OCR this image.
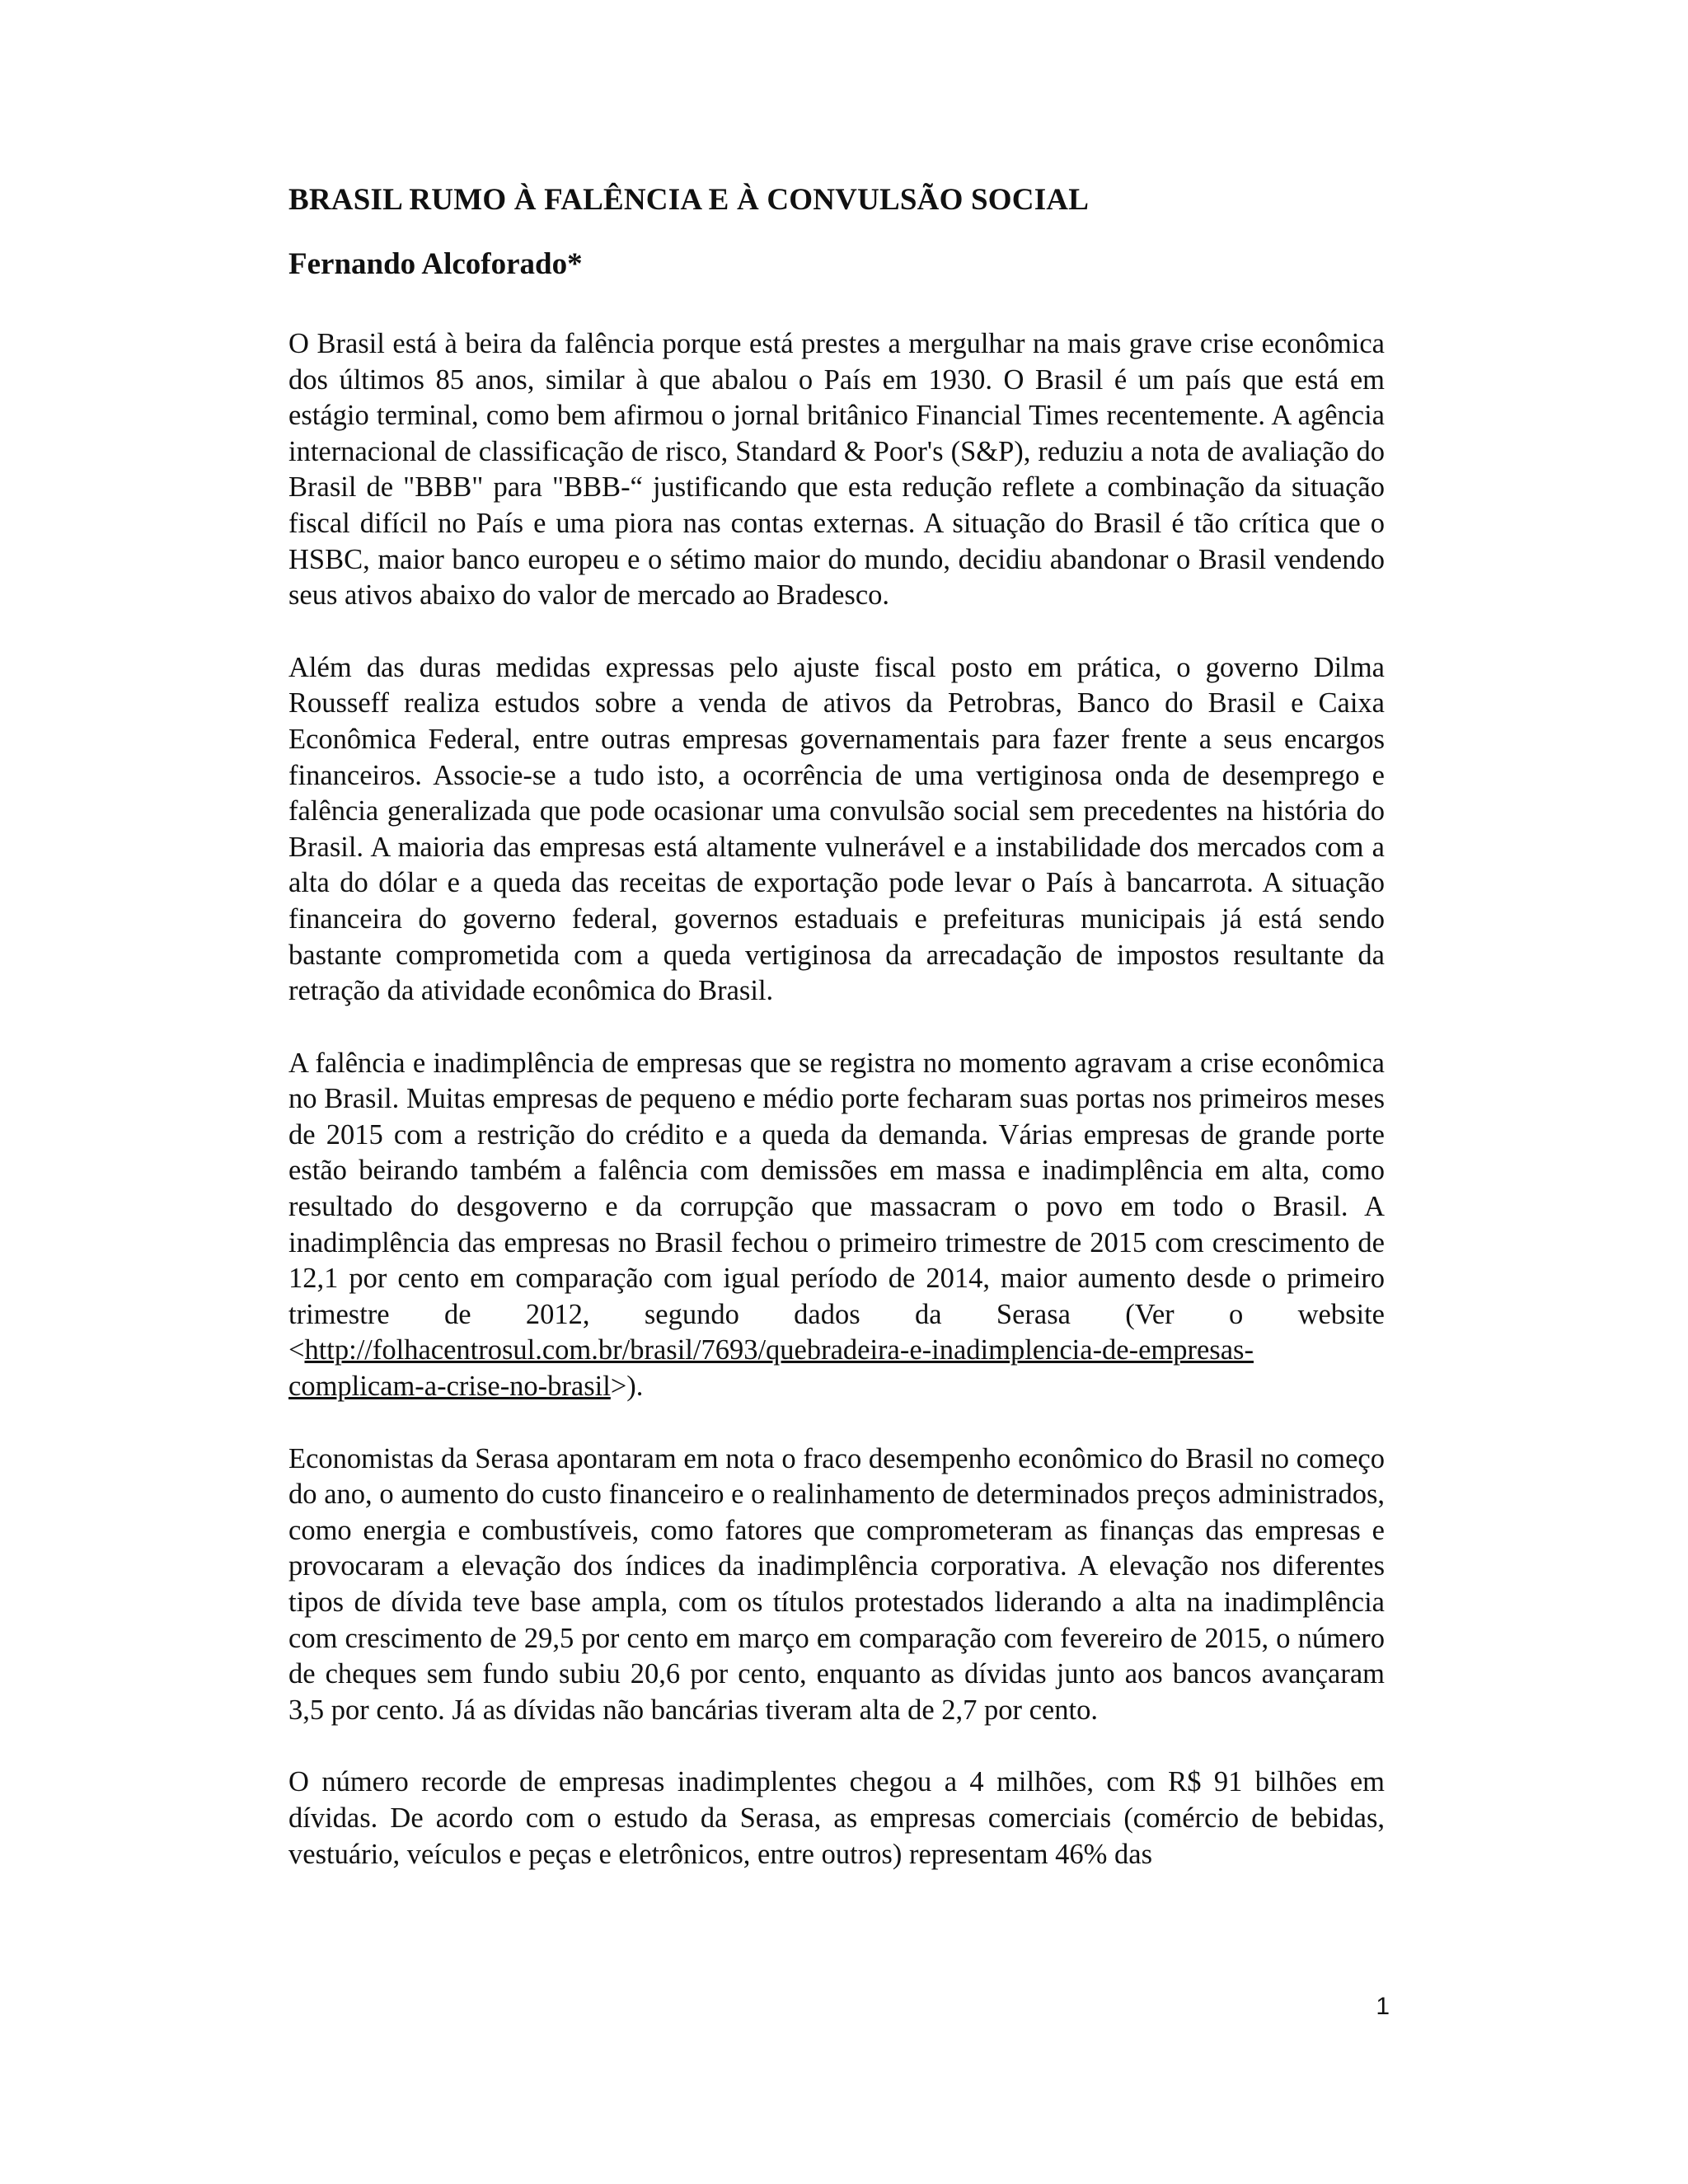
BRASIL RUMO À FALÊNCIA E À CONVULSÃO SOCIAL

Fernando Alcoforado*

O Brasil está à beira da falência porque está prestes a mergulhar na mais grave crise econômica dos últimos 85 anos, similar à que abalou o País em 1930. O Brasil é um país que está em estágio terminal, como bem afirmou o jornal britânico Financial Times recentemente. A agência internacional de classificação de risco, Standard & Poor's (S&P), reduziu a nota de avaliação do Brasil de "BBB" para "BBB-“ justificando que esta redução reflete a combinação da situação fiscal difícil no País e uma piora nas contas externas. A situação do Brasil é tão crítica que o HSBC, maior banco europeu e o sétimo maior do mundo, decidiu abandonar o Brasil vendendo seus ativos abaixo do valor de mercado ao Bradesco.

Além das duras medidas expressas pelo ajuste fiscal posto em prática, o governo Dilma Rousseff realiza estudos sobre a venda de ativos da Petrobras, Banco do Brasil e Caixa Econômica Federal, entre outras empresas governamentais para fazer frente a seus encargos financeiros. Associe-se a tudo isto, a ocorrência de uma vertiginosa onda de desemprego e falência generalizada que pode ocasionar uma convulsão social sem precedentes na história do Brasil. A maioria das empresas está altamente vulnerável e a instabilidade dos mercados com a alta do dólar e a queda das receitas de exportação pode levar o País à bancarrota. A situação financeira do governo federal, governos estaduais e prefeituras municipais já está sendo bastante comprometida com a queda vertiginosa da arrecadação de impostos resultante da retração da atividade econômica do Brasil.

A falência e inadimplência de empresas que se registra no momento agravam a crise econômica no Brasil. Muitas empresas de pequeno e médio porte fecharam suas portas nos primeiros meses de 2015 com a restrição do crédito e a queda da demanda. Várias empresas de grande porte estão beirando também a falência com demissões em massa e inadimplência em alta, como resultado do desgoverno e da corrupção que massacram o povo em todo o Brasil. A inadimplência das empresas no Brasil fechou o primeiro trimestre de 2015 com crescimento de 12,1 por cento em comparação com igual período de 2014, maior aumento desde o primeiro trimestre de 2012, segundo dados da Serasa (Ver o website <http://folhacentrosul.com.br/brasil/7693/quebradeira-e-inadimplencia-de-empresas-complicam-a-crise-no-brasil>).

Economistas da Serasa apontaram em nota o fraco desempenho econômico do Brasil no começo do ano, o aumento do custo financeiro e o realinhamento de determinados preços administrados, como energia e combustíveis, como fatores que comprometeram as finanças das empresas e provocaram a elevação dos índices da inadimplência corporativa. A elevação nos diferentes tipos de dívida teve base ampla, com os títulos protestados liderando a alta na inadimplência com crescimento de 29,5 por cento em março em comparação com fevereiro de 2015, o número de cheques sem fundo subiu 20,6 por cento, enquanto as dívidas junto aos bancos avançaram 3,5 por cento. Já as dívidas não bancárias tiveram alta de 2,7 por cento.

O número recorde de empresas inadimplentes chegou a 4 milhões, com R$ 91 bilhões em dívidas. De acordo com o estudo da Serasa, as empresas comerciais (comércio de bebidas, vestuário, veículos e peças e eletrônicos, entre outros) representam 46% das

1
